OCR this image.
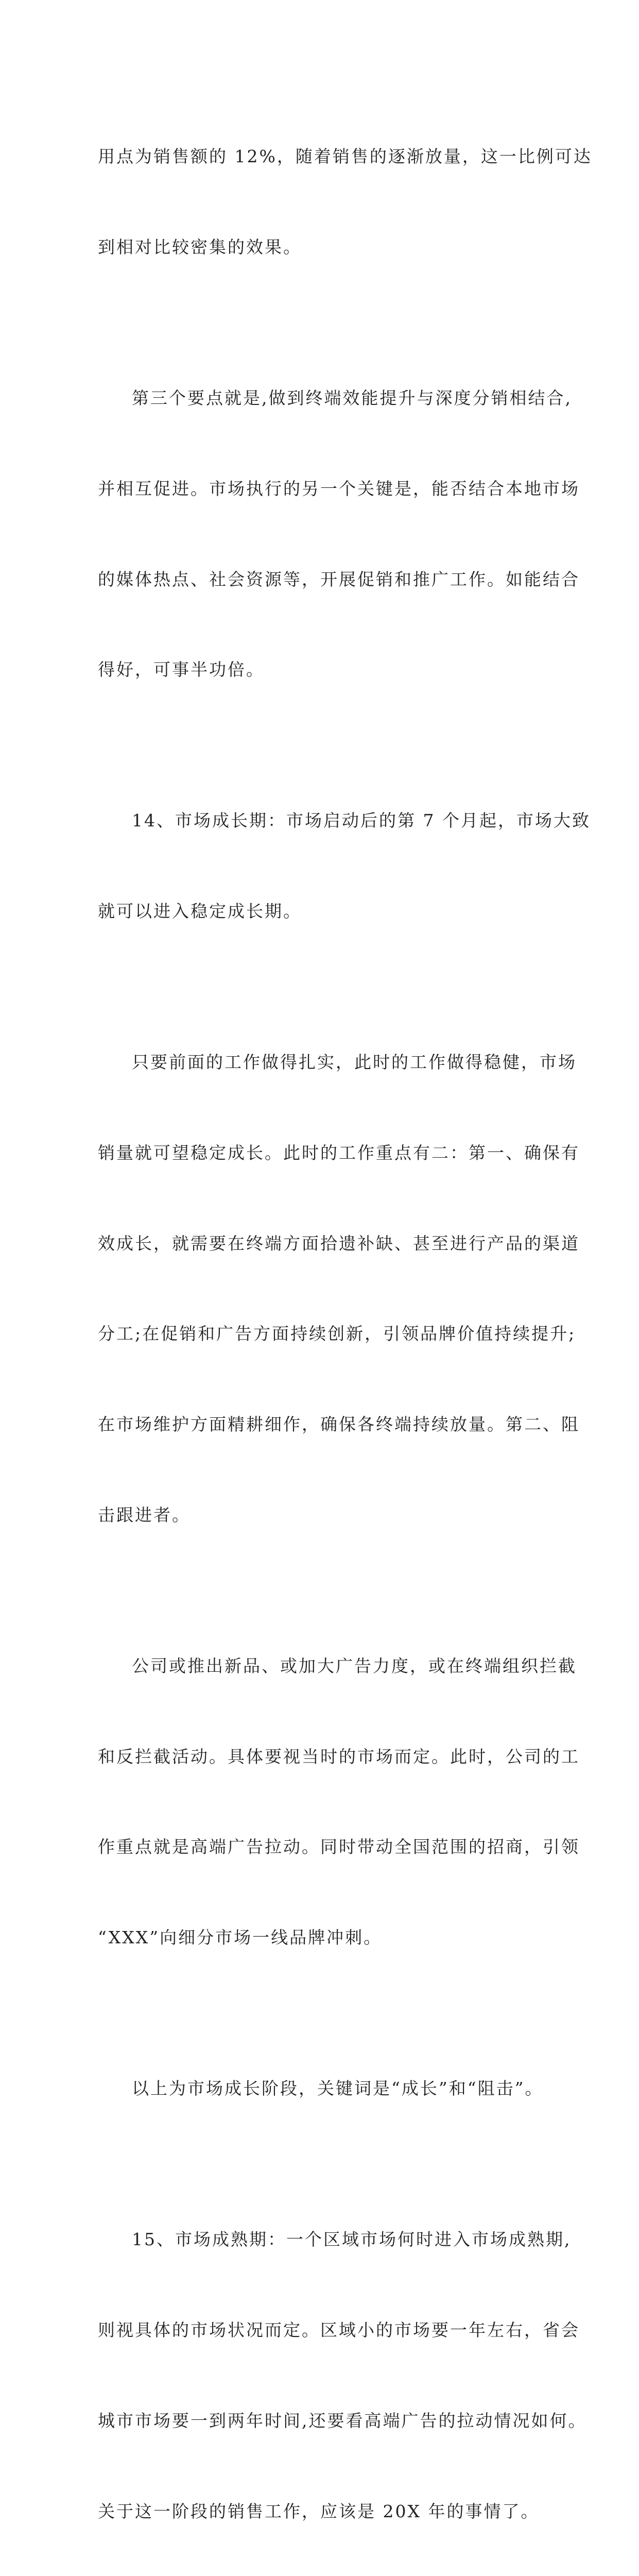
用点为销售额的 12%，随着销售的逐渐放量，这一比例可达

到相对比较密集的效果。

第三个要点就是,做到终端效能提升与深度分销相结合,

并相互促进。市场执行的另一个关键是，能否结合本地市场

的媒体热点、社会资源等，开展促销和推广工作。如能结合

得好，可事半功倍。

14、市场成长期：市场启动后的第 7 个月起，市场大致

就可以进入稳定成长期。

只要前面的工作做得扎实，此时的工作做得稳健，市场

销量就可望稳定成长。此时的工作重点有二：第一、确保有

效成长，就需要在终端方面拾遗补缺、甚至进行产品的渠道

分工;在促销和广告方面持续创新，引领品牌价值持续提升;

在市场维护方面精耕细作，确保各终端持续放量。第二、阻

击跟进者。

公司或推出新品、或加大广告力度，或在终端组织拦截

和反拦截活动。具体要视当时的市场而定。此时，公司的工

作重点就是高端广告拉动。同时带动全国范围的招商，引领

“XXX”向细分市场一线品牌冲刺。

以上为市场成长阶段，关键词是“成长”和“阻击”。

15、市场成熟期：一个区域市场何时进入市场成熟期,

则视具体的市场状况而定。区域小的市场要一年左右，省会

城市市场要一到两年时间,还要看高端广告的拉动情况如何。

关于这一阶段的销售工作，应该是 20X 年的事情了。
